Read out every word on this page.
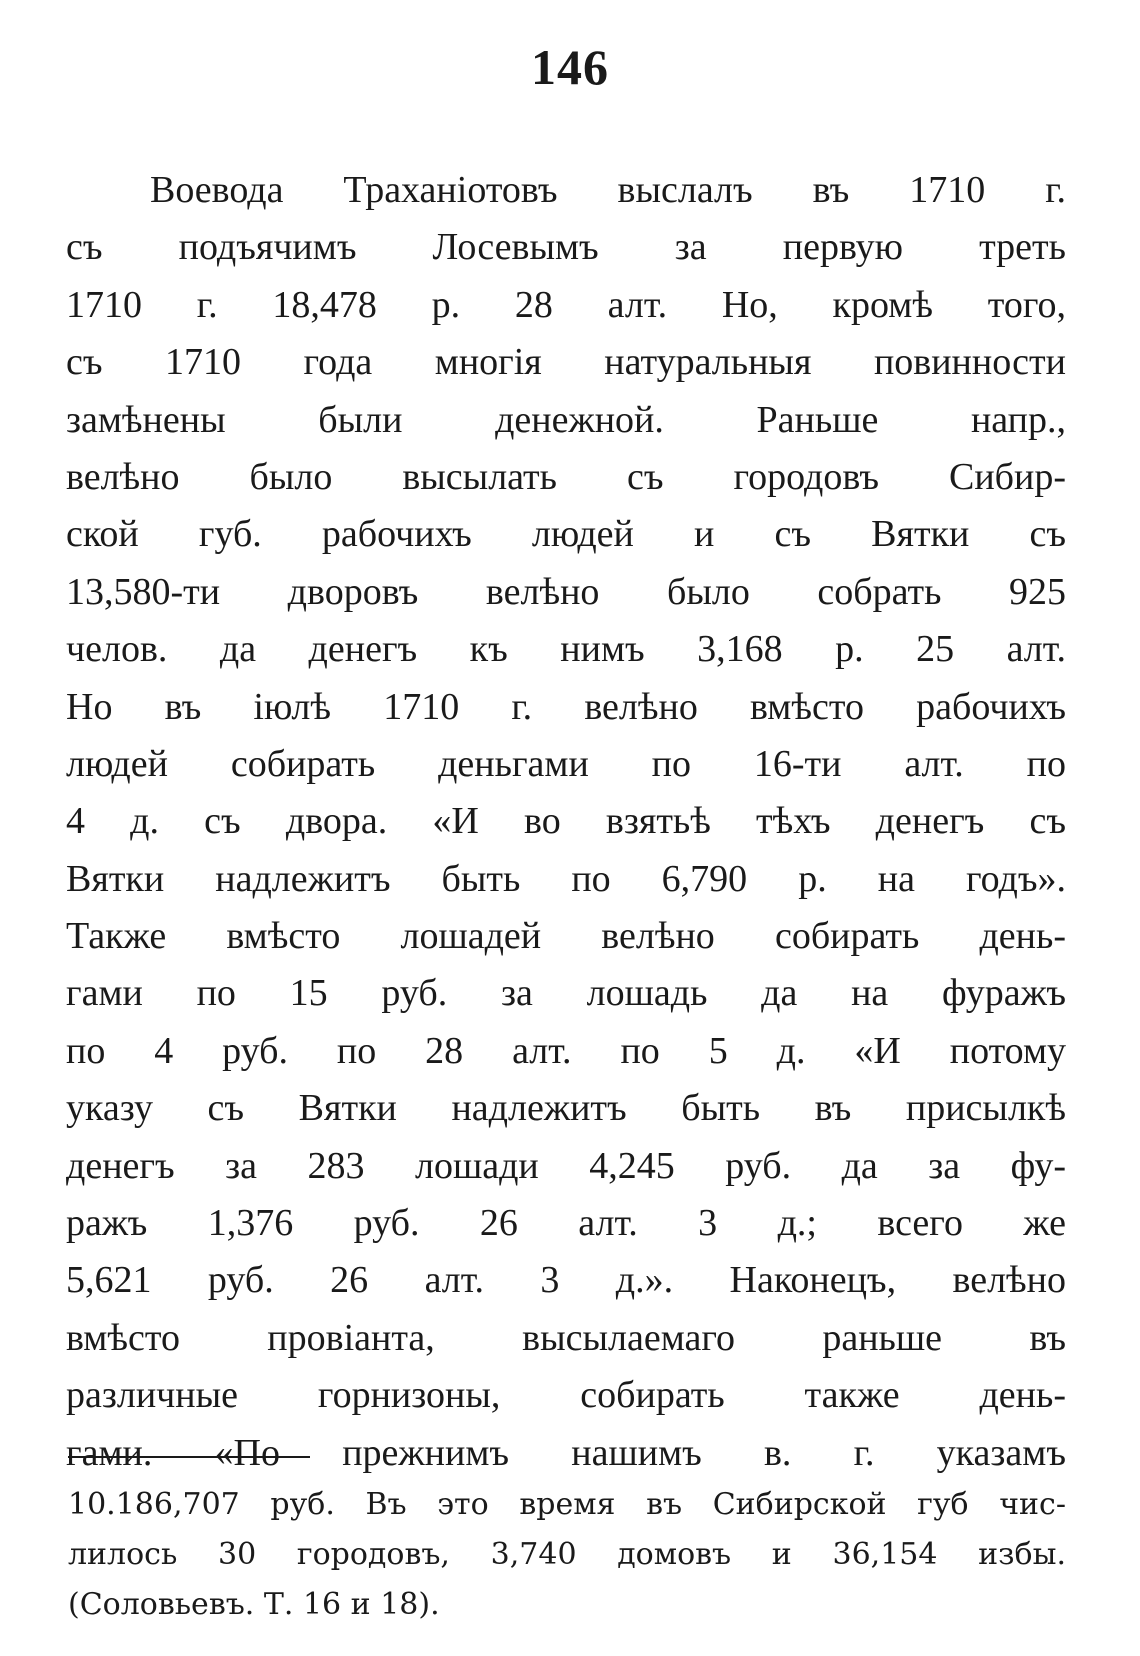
146
Воевода Траханіотовъ выслалъ въ 1710 г.
съ подъячимъ Лосевымъ за первую треть
1710 г. 18,478 р. 28 алт. Но, кромѣ того,
съ 1710 года многія натуральныя повинности
замѣнены были денежной. Раньше напр.,
велѣно было высылать съ городовъ Сибир-
ской губ. рабочихъ людей и съ Вятки съ
13,580-ти дворовъ велѣно было собрать 925
челов. да денегъ къ нимъ 3,168 р. 25 алт.
Но въ іюлѣ 1710 г. велѣно вмѣсто рабочихъ
людей собирать деньгами по 16-ти алт. по
4 д. съ двора. «И во взятьѣ тѣхъ денегъ съ
Вятки надлежитъ быть по 6,790 р. на годъ».
Также вмѣсто лошадей велѣно собирать день-
гами по 15 руб. за лошадь да на фуражъ
по 4 руб. по 28 алт. по 5 д. «И потому
указу съ Вятки надлежитъ быть въ присылкѣ
денегъ за 283 лошади 4,245 руб. да за фу-
ражъ 1,376 руб. 26 алт. 3 д.; всего же
5,621 руб. 26 алт. 3 д.». Наконецъ, велѣно
вмѣсто провіанта, высылаемаго раньше въ
различные горнизоны, собирать также день-
гами. «По прежнимъ нашимъ в. г. указамъ
10.186,707 руб. Въ это время въ Сибирской губ чис-
лилось 30 городовъ, 3,740 домовъ и 36,154 избы.
(Соловьевъ. Т. 16 и 18).
